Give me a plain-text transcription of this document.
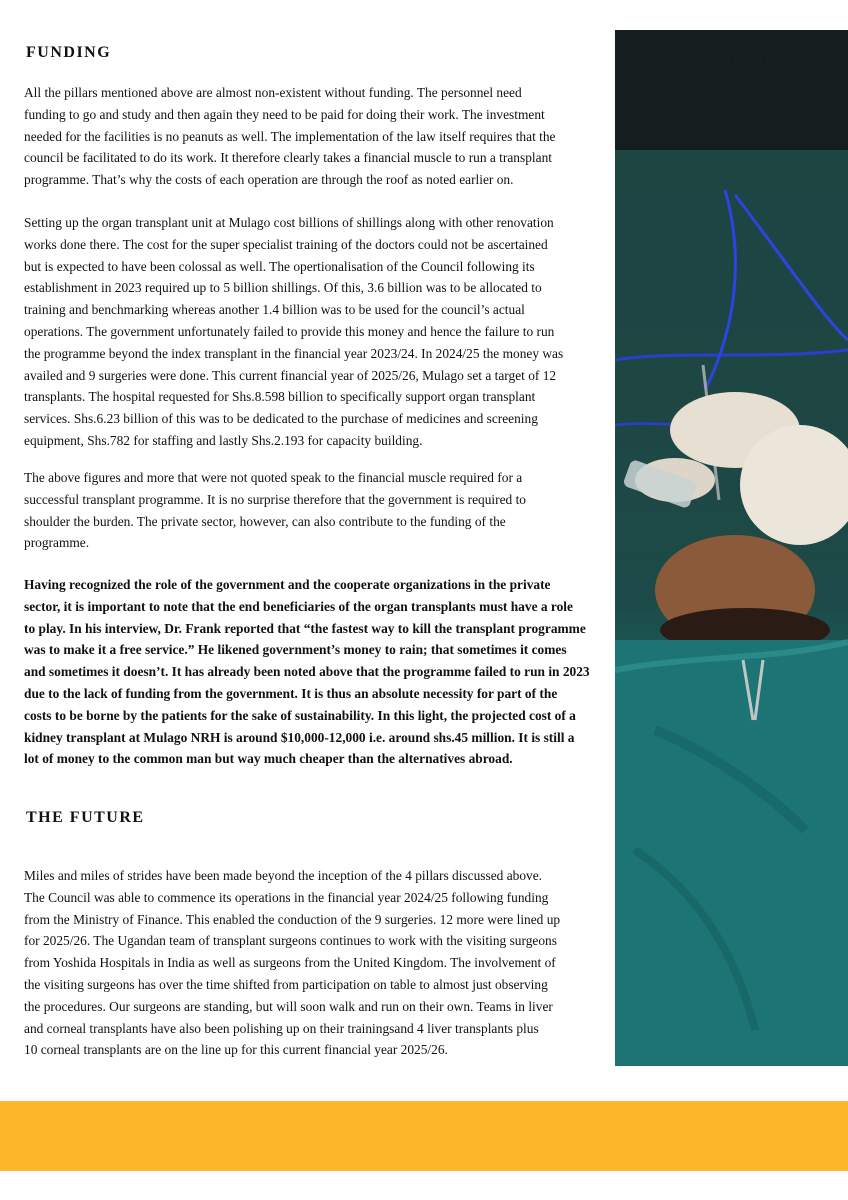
VOLUME 12

FUNDING

All the pillars mentioned above are almost non-existent without funding. The personnel need
funding to go and study and then again they need to be paid for doing their work. The investment
needed for the facilities is no peanuts as well. The implementation of the law itself requires that the
council be facilitated to do its work. It therefore clearly takes a financial muscle to run a transplant
programme. That’s why the costs of each operation are through the roof as noted earlier on.

Setting up the organ transplant unit at Mulago cost billions of shillings along with other renovation
works done there. The cost for the super specialist training of the doctors could not be ascertained
but is expected to have been colossal as well. The opertionalisation of the Council following its
establishment in 2023 required up to 5 billion shillings. Of this, 3.6 billion was to be allocated to
training and benchmarking whereas another 1.4 billion was to be used for the council’s actual
operations. The government unfortunately failed to provide this money and hence the failure to run
the programme beyond the index transplant in the financial year 2023/24. In 2024/25 the money was
availed and 9 surgeries were done. This current financial year of 2025/26, Mulago set a target of 12
transplants. The hospital requested for Shs.8.598 billion to specifically support organ transplant
services. Shs.6.23 billion of this was to be dedicated to the purchase of medicines and screening
equipment, Shs.782 for staffing and lastly Shs.2.193 for capacity building.

The above figures and more that were not quoted speak to the financial muscle required for a
successful transplant programme. It is no surprise therefore that the government is required to
shoulder the burden. The private sector, however, can also contribute to the funding of the
programme.

Having recognized the role of the government and the cooperate organizations in the private
sector, it is important to note that the end beneficiaries of the organ transplants must have a role
to play. In his interview, Dr. Frank reported that “the fastest way to kill the transplant programme
was to make it a free service.” He likened government’s money to rain; that sometimes it comes
and sometimes it doesn’t. It has already been noted above that the programme failed to run in 2023
due to the lack of funding from the government. It is thus an absolute necessity for part of the
costs to be borne by the patients for the sake of sustainability. In this light, the projected cost of a
kidney transplant at Mulago NRH is around $10,000-12,000 i.e. around shs.45 million. It is still a
lot of money to the common man but way much cheaper than the alternatives abroad.

THE FUTURE

Miles and miles of strides have been made beyond the inception of the 4 pillars discussed above.
The Council was able to commence its operations in the financial year 2024/25 following funding
from the Ministry of Finance. This enabled the conduction of the 9 surgeries. 12 more were lined up
for 2025/26. The Ugandan team of transplant surgeons continues to work with the visiting surgeons
from Yoshida Hospitals in India as well as surgeons from the United Kingdom. The involvement of
the visiting surgeons has over the time shifted from participation on table to almost just observing
the procedures. Our surgeons are standing, but will soon walk and run on their own. Teams in liver
and corneal transplants have also been polishing up on their trainingsand 4 liver transplants plus
10 corneal transplants are on the line up for this current financial year 2025/26.
